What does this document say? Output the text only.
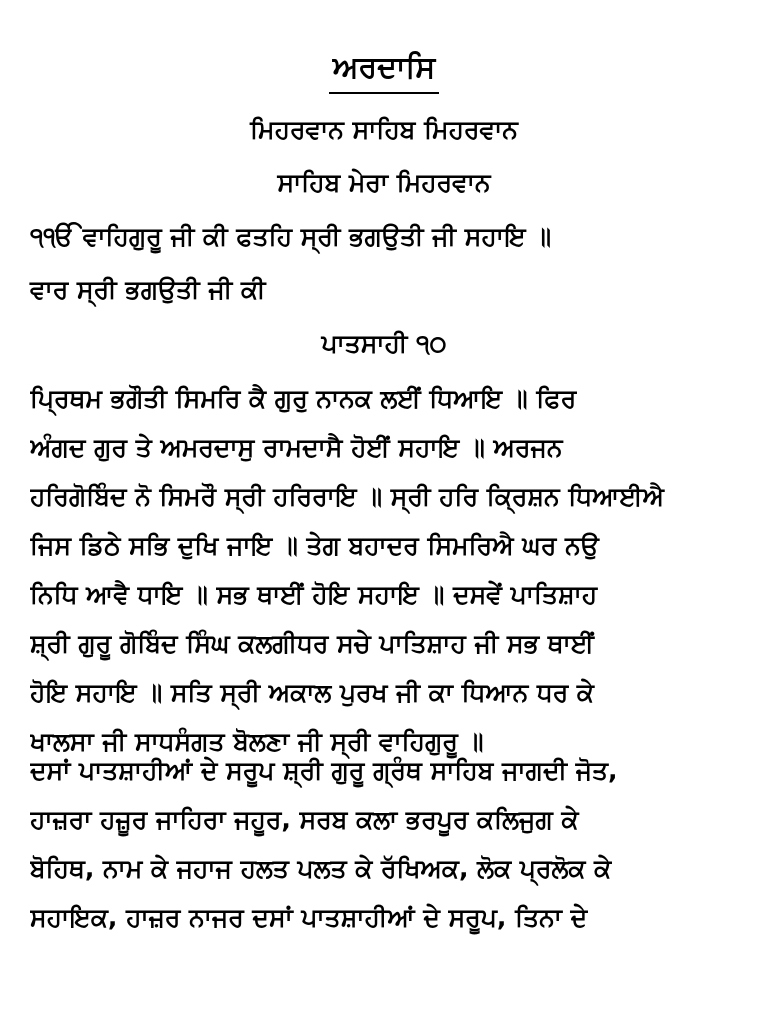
ਅਰਦਾਸਿ
ਮਿਹਰਵਾਨ ਸਾਹਿਬ ਮਿਹਰਵਾਨ
ਸਾਹਿਬ ਮੇਰਾ ਮਿਹਰਵਾਨ
੧ੴ ਵਾਹਿਗੁਰੂ ਜੀ ਕੀ ਫਤਹਿ ਸ੍ਰੀ ਭਗਉਤੀ ਜੀ ਸਹਾਇ ॥
ਵਾਰ ਸ੍ਰੀ ਭਗਉਤੀ ਜੀ ਕੀ
ਪਾਤਸਾਹੀ ੧੦
ਪ੍ਰਿਥਮ ਭਗੌਤੀ ਸਿਮਰਿ ਕੈ ਗੁਰੁ ਨਾਨਕ ਲਈਂ ਧਿਆਇ ॥ ਫਿਰ
ਅੰਗਦ ਗੁਰ ਤੇ ਅਮਰਦਾਸੁ ਰਾਮਦਾਸੈ ਹੋਈਂ ਸਹਾਇ ॥ ਅਰਜਨ
ਹਰਿਗੋਬਿੰਦ ਨੋ ਸਿਮਰੌ ਸ੍ਰੀ ਹਰਿਰਾਇ ॥ ਸ੍ਰੀ ਹਰਿ ਕ੍ਰਿਸ਼ਨ ਧਿਆਈਐ
ਜਿਸ ਡਿਠੇ ਸਭਿ ਦੁਖਿ ਜਾਇ ॥ ਤੇਗ ਬਹਾਦਰ ਸਿਮਰਿਐ ਘਰ ਨਉ
ਨਿਧਿ ਆਵੈ ਧਾਇ ॥ ਸਭ ਥਾਈਂ ਹੋਇ ਸਹਾਇ ॥ ਦਸਵੇਂ ਪਾਤਿਸ਼ਾਹ
ਸ਼੍ਰੀ ਗੁਰੂ ਗੋਬਿੰਦ ਸਿੰਘ ਕਲਗੀਧਰ ਸਚੇ ਪਾਤਿਸ਼ਾਹ ਜੀ ਸਭ ਥਾਈਂ
ਹੋਇ ਸਹਾਇ ॥ ਸਤਿ ਸ੍ਰੀ ਅਕਾਲ ਪੁਰਖ ਜੀ ਕਾ ਧਿਆਨ ਧਰ ਕੇ
ਖਾਲਸਾ ਜੀ ਸਾਧਸੰਗਤ ਬੋਲਣਾ ਜੀ ਸ੍ਰੀ ਵਾਹਿਗੁਰੂ ॥
ਦਸਾਂ ਪਾਤਸ਼ਾਹੀਆਂ ਦੇ ਸਰੂਪ ਸ਼੍ਰੀ ਗੁਰੂ ਗ੍ਰੰਥ ਸਾਹਿਬ ਜਾਗਦੀ ਜੋਤ,
ਹਾਜ਼ਰਾ ਹਜ਼ੂਰ ਜਾਹਿਰਾ ਜਹੂਰ, ਸਰਬ ਕਲਾ ਭਰਪੂਰ ਕਲਿਜੁਗ ਕੇ
ਬੋਹਿਥ, ਨਾਮ ਕੇ ਜਹਾਜ ਹਲਤ ਪਲਤ ਕੇ ਰੱਖਿਅਕ, ਲੋਕ ਪ੍ਰਲੋਕ ਕੇ
ਸਹਾਇਕ, ਹਾਜ਼ਰ ਨਾਜਰ ਦਸਾਂ ਪਾਤਸ਼ਾਹੀਆਂ ਦੇ ਸਰੂਪ, ਤਿਨਾ ਦੇ
